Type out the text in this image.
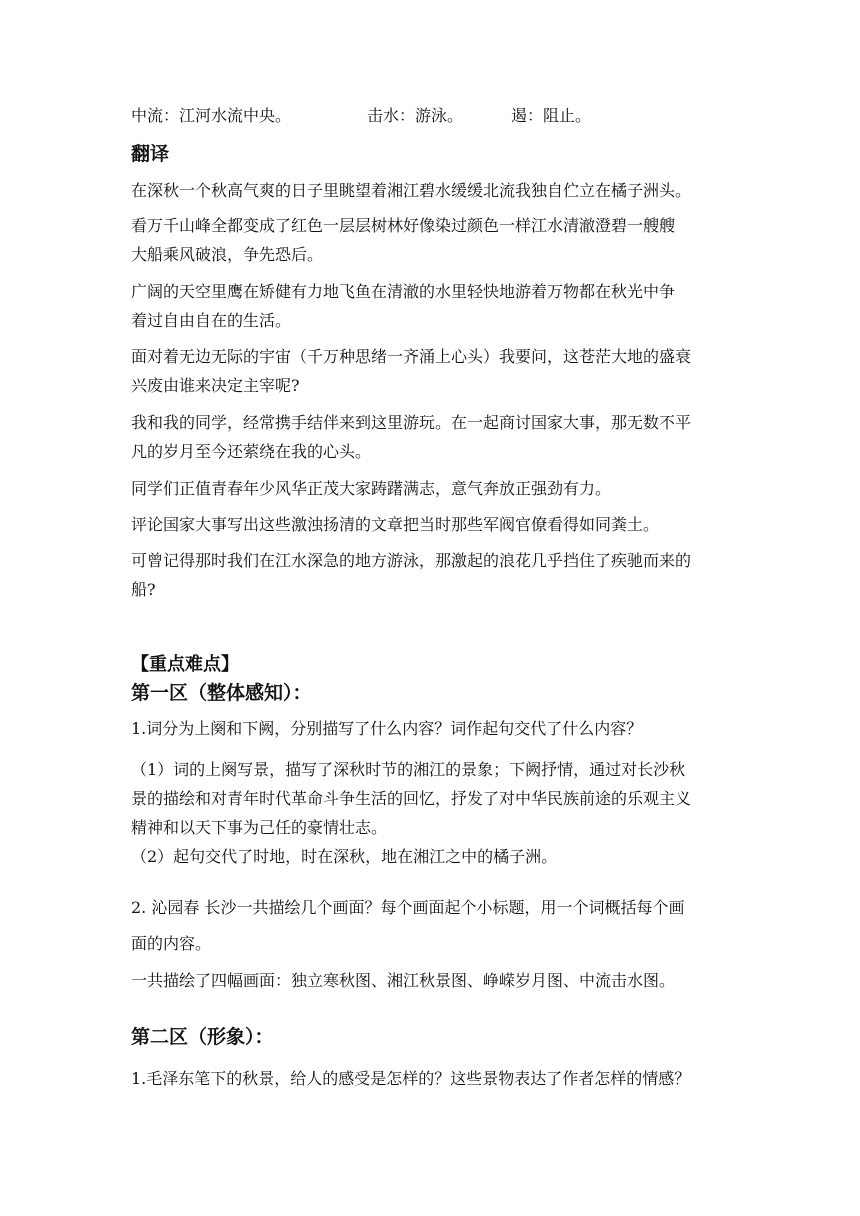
中流：江河水流中央。	击水：游泳。	遏：阻止。
翻译
在深秋一个秋高气爽的日子里眺望着湘江碧水缓缓北流我独自伫立在橘子洲头。
看万千山峰全都变成了红色一层层树林好像染过颜色一样江水清澈澄碧一艘艘
大船乘风破浪，争先恐后。
广阔的天空里鹰在矫健有力地飞鱼在清澈的水里轻快地游着万物都在秋光中争
着过自由自在的生活。
面对着无边无际的宇宙（千万种思绪一齐涌上心头）我要问，这苍茫大地的盛衰
兴废由谁来决定主宰呢?
我和我的同学，经常携手结伴来到这里游玩。在一起商讨国家大事，那无数不平
凡的岁月至今还萦绕在我的心头。
同学们正值青春年少风华正茂大家踌躇满志，意气奔放正强劲有力。
评论国家大事写出这些激浊扬清的文章把当时那些军阀官僚看得如同粪土。
可曾记得那时我们在江水深急的地方游泳，那激起的浪花几乎挡住了疾驰而来的
船?
【重点难点】
第一区（整体感知）：
1.词分为上阕和下阙，分别描写了什么内容？词作起句交代了什么内容？
（1）词的上阕写景，描写了深秋时节的湘江的景象；下阙抒情，通过对长沙秋
景的描绘和对青年时代革命斗争生活的回忆，抒发了对中华民族前途的乐观主义
精神和以天下事为己任的豪情壮志。
（2）起句交代了时地，时在深秋，地在湘江之中的橘子洲。
2. 沁园春 长沙一共描绘几个画面？每个画面起个小标题，用一个词概括每个画
面的内容。
一共描绘了四幅画面：独立寒秋图、湘江秋景图、峥嵘岁月图、中流击水图。
第二区（形象）：
1.毛泽东笔下的秋景，给人的感受是怎样的？这些景物表达了作者怎样的情感？
